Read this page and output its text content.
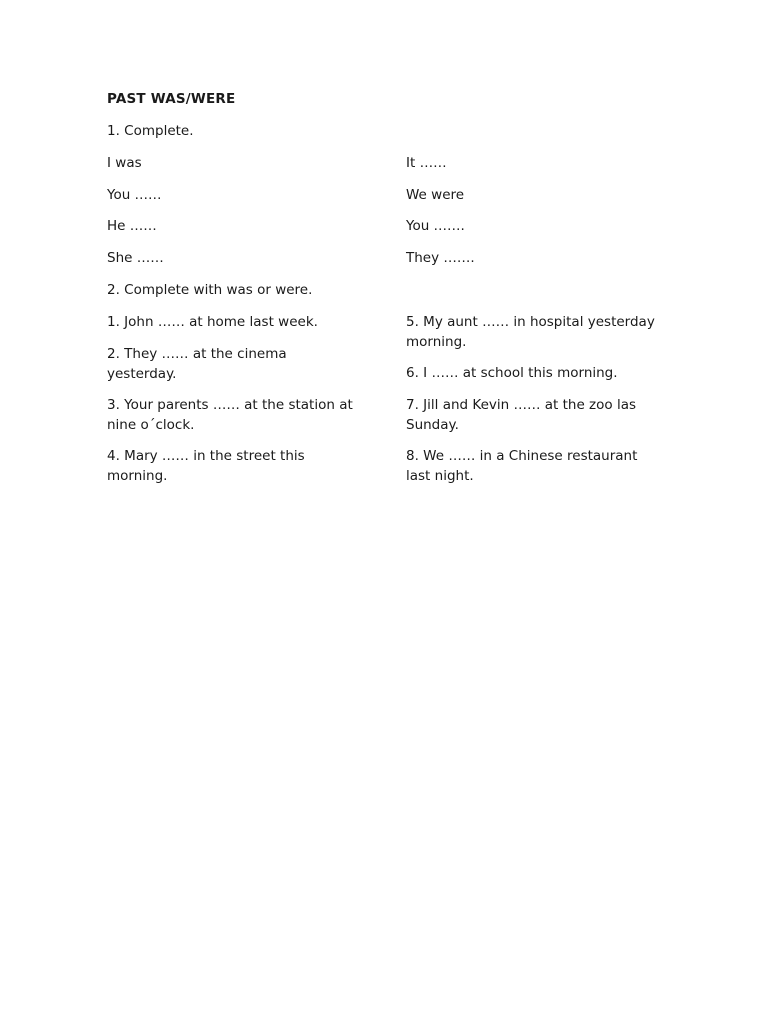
PAST WAS/WERE
1. Complete.
I was
You ……
He ……
She ……
It ……
We were
You …….
They …….
2. Complete with was or were.
1. John …… at home last week.
2. They …… at the cinema yesterday.
3. Your parents …… at the station at nine o´clock.
4. Mary …… in the street this morning.
5. My aunt …… in hospital yesterday morning.
6. I …… at school this morning.
7. Jill and Kevin …… at the zoo las Sunday.
8. We …… in a Chinese restaurant last night.
